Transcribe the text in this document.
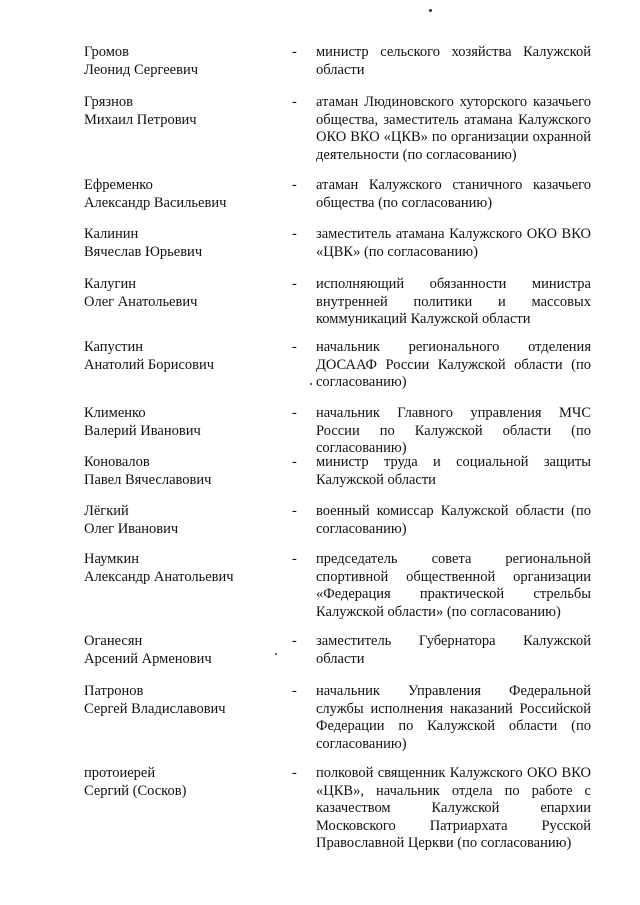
Громов
Леонид Сергеевич
- министр сельского хозяйства Калужской области
Грязнов
Михаил Петрович
- атаман Людиновского хуторского казачьего общества, заместитель атамана Калужского ОКО ВКО «ЦКВ» по организации охранной деятельности (по согласованию)
Ефременко
Александр Васильевич
- атаман Калужского станичного казачьего общества (по согласованию)
Калинин
Вячеслав Юрьевич
- заместитель атамана Калужского ОКО ВКО «ЦВК» (по согласованию)
Калугин
Олег Анатольевич
- исполняющий обязанности министра внутренней политики и массовых коммуникаций Калужской области
Капустин
Анатолий Борисович
- начальник регионального отделения ДОСААФ России Калужской области (по согласованию)
Клименко
Валерий Иванович
- начальник Главного управления МЧС России по Калужской области (по согласованию)
Коновалов
Павел Вячеславович
- министр труда и социальной защиты Калужской области
Лёгкий
Олег Иванович
- военный комиссар Калужской области (по согласованию)
Наумкин
Александр Анатольевич
- председатель совета региональной спортивной общественной организации «Федерация практической стрельбы Калужской области» (по согласованию)
Оганесян
Арсений Арменович
- заместитель Губернатора Калужской области
Патронов
Сергей Владиславович
- начальник Управления Федеральной службы исполнения наказаний Российской Федерации по Калужской области (по согласованию)
протоиерей
Сергий (Сосков)
- полковой священник Калужского ОКО ВКО «ЦКВ», начальник отдела по работе с казачеством Калужской епархии Московского Патриархата Русской Православной Церкви (по согласованию)
